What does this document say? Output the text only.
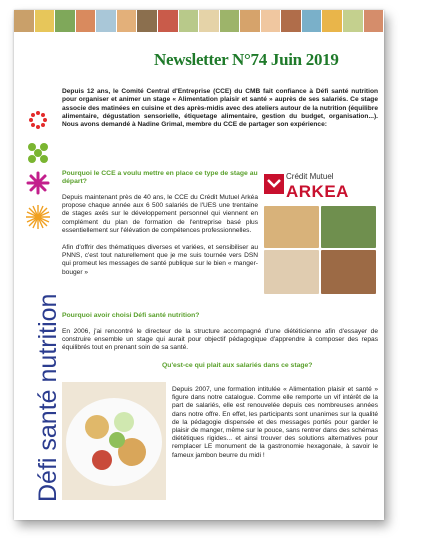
Défi santé nutrition
Newsletter N°74 Juin 2019
Depuis 12 ans, le Comité Central d'Entreprise (CCE) du CMB fait confiance à Défi santé nutrition pour organiser et animer un stage « Alimentation plaisir et santé » auprès de ses salariés. Ce stage associe des matinées en cuisine et des après-midis avec des ateliers autour de la nutrition (équilibre alimentaire, dégustation sensorielle, étiquetage alimentaire, gestion du budget, organisation...). Nous avons demandé à Nadine Grimal, membre du CCE de partager son expérience:
Pourquoi le CCE a voulu mettre en place ce type de stage au départ?
Depuis maintenant près de 40 ans, le CCE du Crédit Mutuel Arkéa propose chaque année aux 6 500 salariés de l'UES une trentaine de stages axés sur le développement personnel qui viennent en complément du plan de formation de l'entreprise basé plus essentiellement sur l'élévation de compétences professionnelles.
Afin d'offrir des thématiques diverses et variées, et sensibiliser au PNNS, c'est tout naturellement que je me suis tournée vers DSN qui promeut les messages de santé publique sur le bien « manger-bouger »
Crédit Mutuel
ARKEA
Pourquoi avoir choisi Défi santé nutrition?
En 2006, j'ai rencontré le directeur de la structure accompagné d'une diététicienne afin d'essayer de construire ensemble un stage qui aurait pour objectif pédagogique d'apprendre à composer des repas équilibrés tout en prenant soin de sa santé.
Qu'est-ce qui plait aux salariés dans ce stage?
Depuis 2007, une formation intitulée « Alimentation plaisir et santé » figure dans notre catalogue. Comme elle remporte un vif intérêt de la part de salariés, elle est renouvelée depuis ces nombreuses années dans notre offre. En effet, les participants sont unanimes sur la qualité de la pédagogie dispensée et des messages portés pour garder le plaisir de manger, même sur le pouce, sans rentrer dans des schémas diététiques rigides... et ainsi trouver des solutions alternatives pour remplacer LE monument de la gastronomie hexagonale, à savoir le fameux jambon beurre du midi !
